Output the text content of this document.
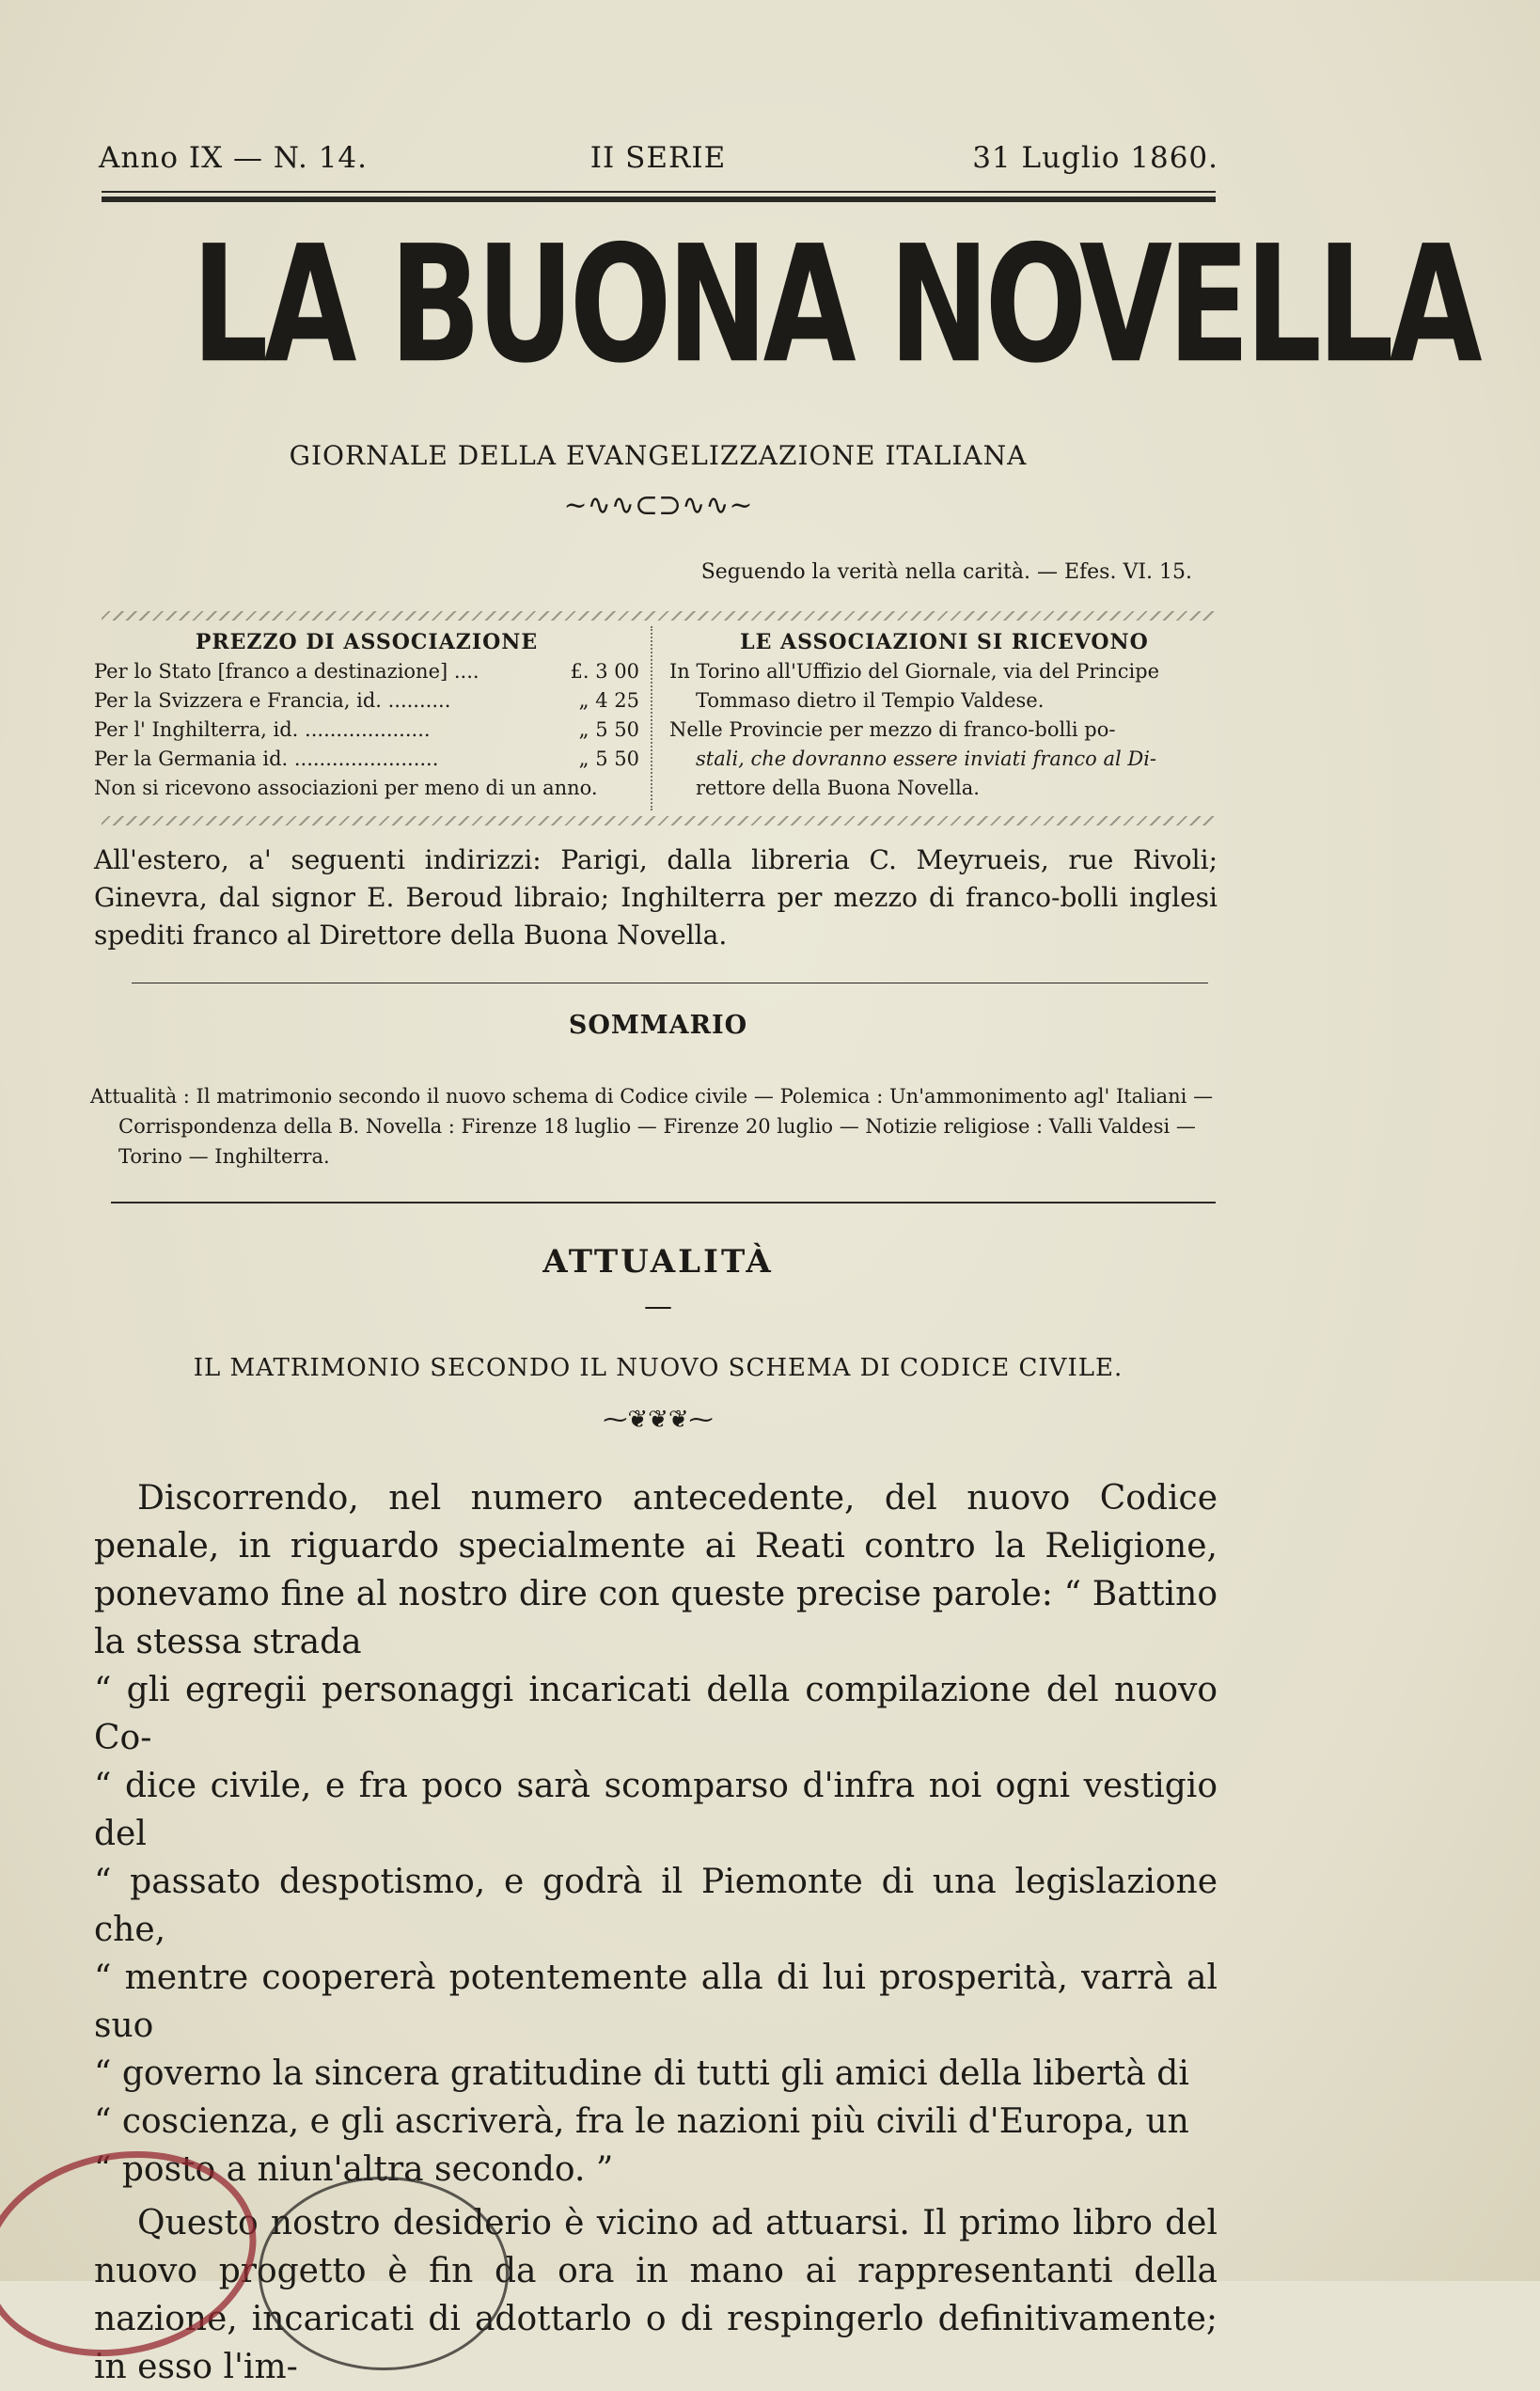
Anno IX — N. 14.	II SERIE	31 Luglio 1860.
LA BUONA NOVELLA
GIORNALE DELLA EVANGELIZZAZIONE ITALIANA
~∿∿⊂⊃∿∿~
Seguendo la verità nella carità. — Efes. VI. 15.
PREZZO DI ASSOCIAZIONE
Per lo Stato [franco a destinazione] ....	£. 3 00
Per la Svizzera e Francia, id. ..........	„ 4 25
Per l' Inghilterra, id. ....................	„ 5 50
Per la Germania id. .......................	„ 5 50
Non si ricevono associazioni per meno di un anno.
LE ASSOCIAZIONI SI RICEVONO
In Torino all'Uffizio del Giornale, via del Principe
Tommaso dietro il Tempio Valdese.
Nelle Provincie per mezzo di franco-bolli po-
stali, che dovranno essere inviati franco al Di-
rettore della Buona Novella.
All'estero, a' seguenti indirizzi: Parigi, dalla libreria C. Meyrueis, rue Rivoli; Ginevra, dal signor E. Beroud libraio; Inghilterra per mezzo di franco-bolli inglesi spediti franco al Direttore della Buona Novella.
SOMMARIO
Attualità : Il matrimonio secondo il nuovo schema di Codice civile — Polemica : Un'ammonimento agl' Italiani — Corrispondenza della B. Novella : Firenze 18 luglio — Firenze 20 luglio — Notizie religiose : Valli Valdesi — Torino — Inghilterra.
ATTUALITÀ
—
IL MATRIMONIO SECONDO IL NUOVO SCHEMA DI CODICE CIVILE.
⁓❦❦❦⁓

Discorrendo, nel numero antecedente, del nuovo Codice penale, in riguardo specialmente ai Reati contro la Religione, ponevamo fine al nostro dire con queste precise parole: “ Battino la stessa strada

“ gli egregii personaggi incaricati della compilazione del nuovo Co-

“ dice civile, e fra poco sarà scomparso d'infra noi ogni vestigio del

“ passato despotismo, e godrà il Piemonte di una legislazione che,

“ mentre coopererà potentemente alla di lui prosperità, varrà al suo

“ governo la sincera gratitudine di tutti gli amici della libertà di

“ coscienza, e gli ascriverà, fra le nazioni più civili d'Europa, un

“ posto a niun'altra secondo. ”

Questo nostro desiderio è vicino ad attuarsi. Il primo libro del nuovo progetto è fin da ora in mano ai rappresentanti della nazione, incaricati di adottarlo o di respingerlo definitivamente; in esso l'im-
